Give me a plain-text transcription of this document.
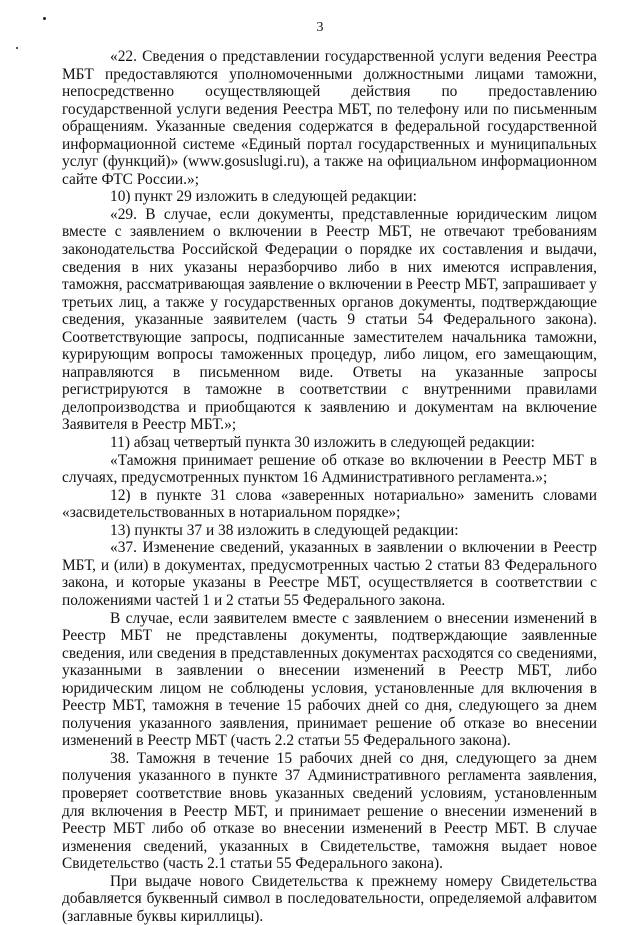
3

«22. Сведения о представлении государственной услуги ведения Реестра МБТ предоставляются уполномоченными должностными лицами таможни, непосредственно осуществляющей действия по предоставлению государственной услуги ведения Реестра МБТ, по телефону или по письменным обращениям. Указанные сведения содержатся в федеральной государственной информационной системе «Единый портал государственных и муниципальных услуг (функций)» (www.gosuslugi.ru), а также на официальном информационном сайте ФТС России.»;

10) пункт 29 изложить в следующей редакции:

«29. В случае, если документы, представленные юридическим лицом вместе с заявлением о включении в Реестр МБТ, не отвечают требованиям законодательства Российской Федерации о порядке их составления и выдачи, сведения в них указаны неразборчиво либо в них имеются исправления, таможня, рассматривающая заявление о включении в Реестр МБТ, запрашивает у третьих лиц, а также у государственных органов документы, подтверждающие сведения, указанные заявителем (часть 9 статьи 54 Федерального закона). Соответствующие запросы, подписанные заместителем начальника таможни, курирующим вопросы таможенных процедур, либо лицом, его замещающим, направляются в письменном виде. Ответы на указанные запросы регистрируются в таможне в соответствии с внутренними правилами делопроизводства и приобщаются к заявлению и документам на включение Заявителя в Реестр МБТ.»;

11) абзац четвертый пункта 30 изложить в следующей редакции:

«Таможня принимает решение об отказе во включении в Реестр МБТ в случаях, предусмотренных пунктом 16 Административного регламента.»;

12) в пункте 31 слова «заверенных нотариально» заменить словами «засвидетельствованных в нотариальном порядке»;

13) пункты 37 и 38 изложить в следующей редакции:

«37. Изменение сведений, указанных в заявлении о включении в Реестр МБТ, и (или) в документах, предусмотренных частью 2 статьи 83 Федерального закона, и которые указаны в Реестре МБТ, осуществляется в соответствии с положениями частей 1 и 2 статьи 55 Федерального закона.

В случае, если заявителем вместе с заявлением о внесении изменений в Реестр МБТ не представлены документы, подтверждающие заявленные сведения, или сведения в представленных документах расходятся со сведениями, указанными в заявлении о внесении изменений в Реестр МБТ, либо юридическим лицом не соблюдены условия, установленные для включения в Реестр МБТ, таможня в течение 15 рабочих дней со дня, следующего за днем получения указанного заявления, принимает решение об отказе во внесении изменений в Реестр МБТ (часть 2.2 статьи 55 Федерального закона).

38. Таможня в течение 15 рабочих дней со дня, следующего за днем получения указанного в пункте 37 Административного регламента заявления, проверяет соответствие вновь указанных сведений условиям, установленным для включения в Реестр МБТ, и принимает решение о внесении изменений в Реестр МБТ либо об отказе во внесении изменений в Реестр МБТ. В случае изменения сведений, указанных в Свидетельстве, таможня выдает новое Свидетельство (часть 2.1 статьи 55 Федерального закона).

При выдаче нового Свидетельства к прежнему номеру Свидетельства добавляется буквенный символ в последовательности, определяемой алфавитом (заглавные буквы кириллицы).
